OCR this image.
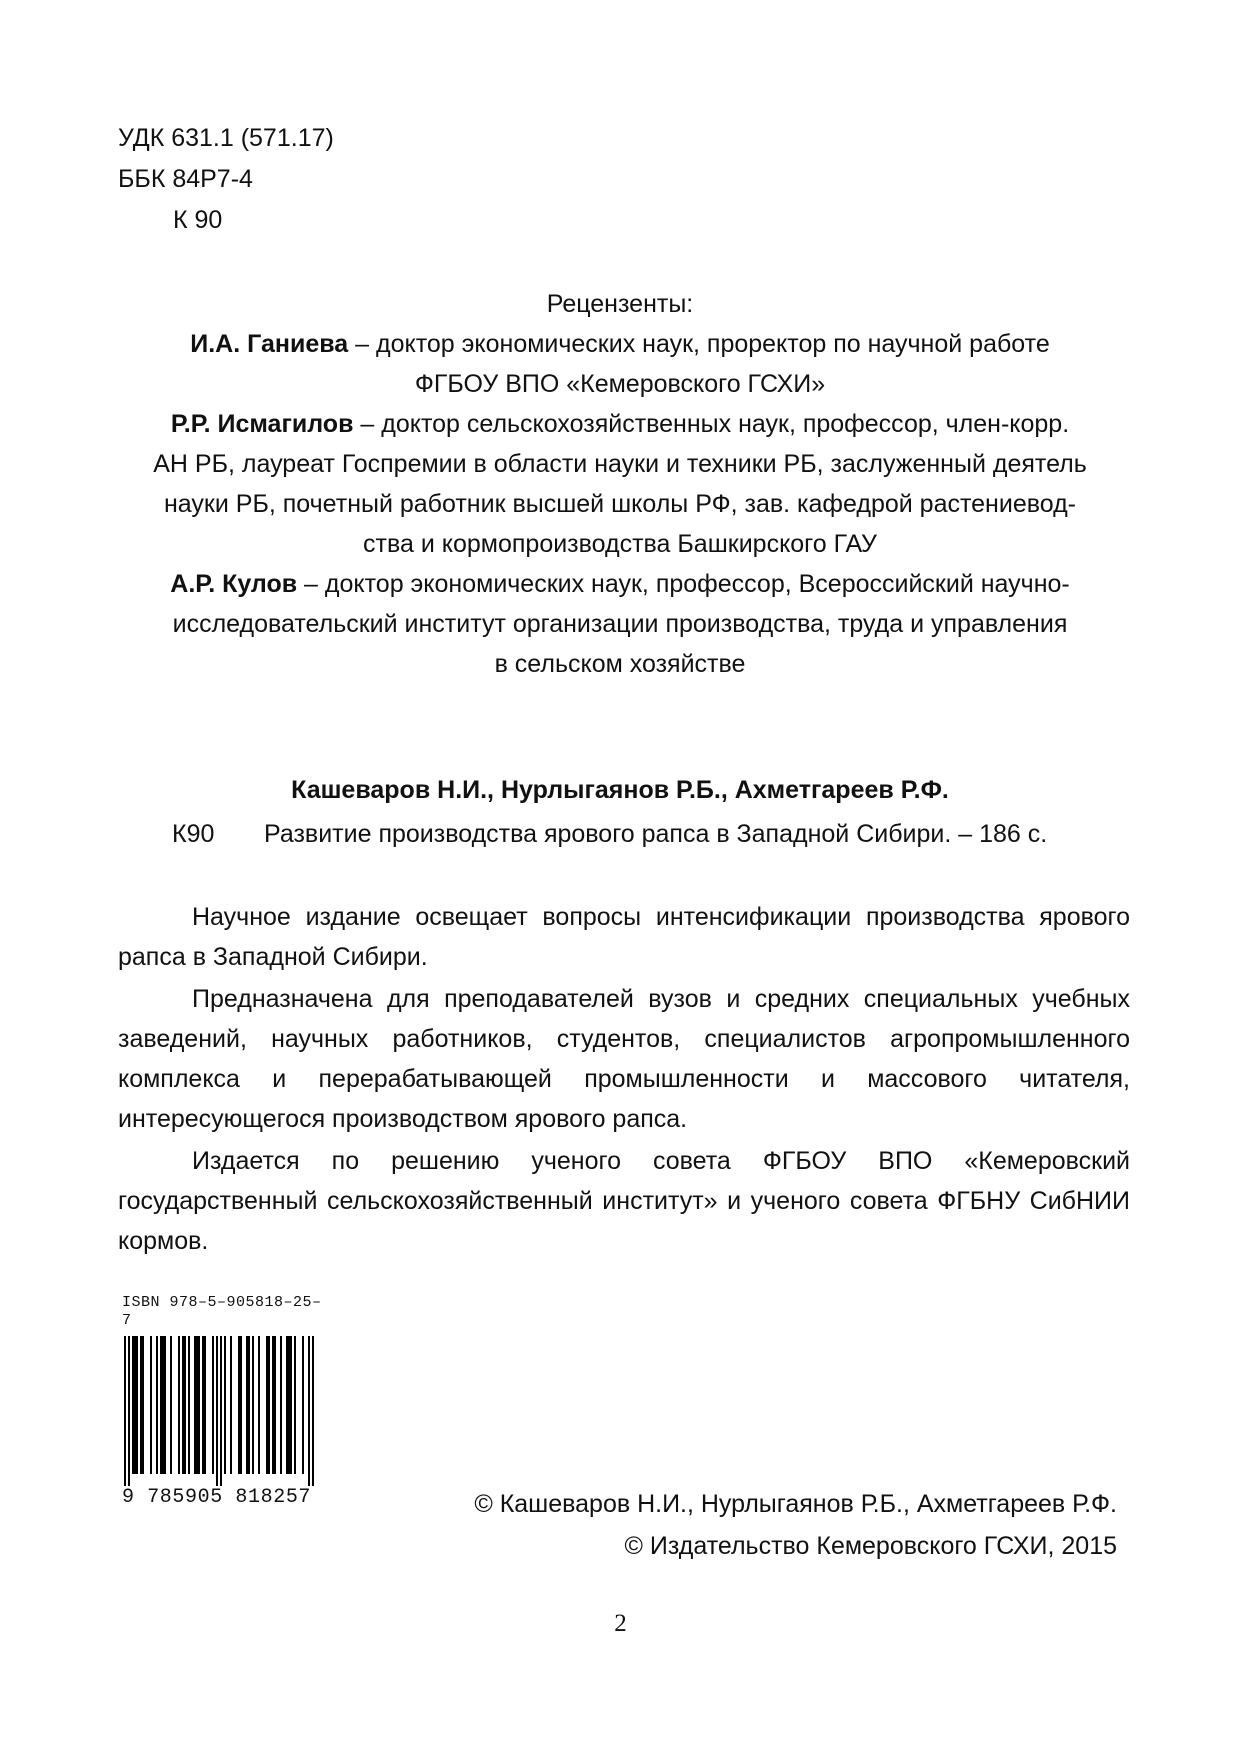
УДК 631.1 (571.17)
ББК 84Р7-4
К 90

Рецензенты:

И.А. Ганиева – доктор экономических наук, проректор по научной работе

ФГБОУ ВПО «Кемеровского ГСХИ»

Р.Р. Исмагилов – доктор сельскохозяйственных наук, профессор, член-корр.

АН РБ, лауреат Госпремии в области науки и техники РБ, заслуженный деятель

науки РБ, почетный работник высшей школы РФ, зав. кафедрой растениевод-

ства и кормопроизводства Башкирского ГАУ

А.Р. Кулов – доктор экономических наук, профессор, Всероссийский научно-

исследовательский институт организации производства, труда и управления

в сельском хозяйстве

Кашеваров Н.И., Нурлыгаянов Р.Б., Ахметгареев Р.Ф.
К90 Развитие производства ярового рапса в Западной Сибири. – 186 с.

Научное издание освещает вопросы интенсификации производства ярового рапса в Западной Сибири.

Предназначена для преподавателей вузов и средних специальных учебных заведений, научных работников, студентов, специалистов агропромышленного комплекса и перерабатывающей промышленности и массового читателя, интересующегося производством ярового рапса.

Издается по решению ученого совета ФГБОУ ВПО «Кемеровский государственный сельскохозяйственный институт» и ученого совета ФГБНУ СибНИИ кормов.

ISBN 978–5–905818–25–7
9 785905 818257	© Кашеваров Н.И., Нурлыгаянов Р.Б., Ахметгареев Р.Ф.

© Издательство Кемеровского ГСХИ, 2015

2
